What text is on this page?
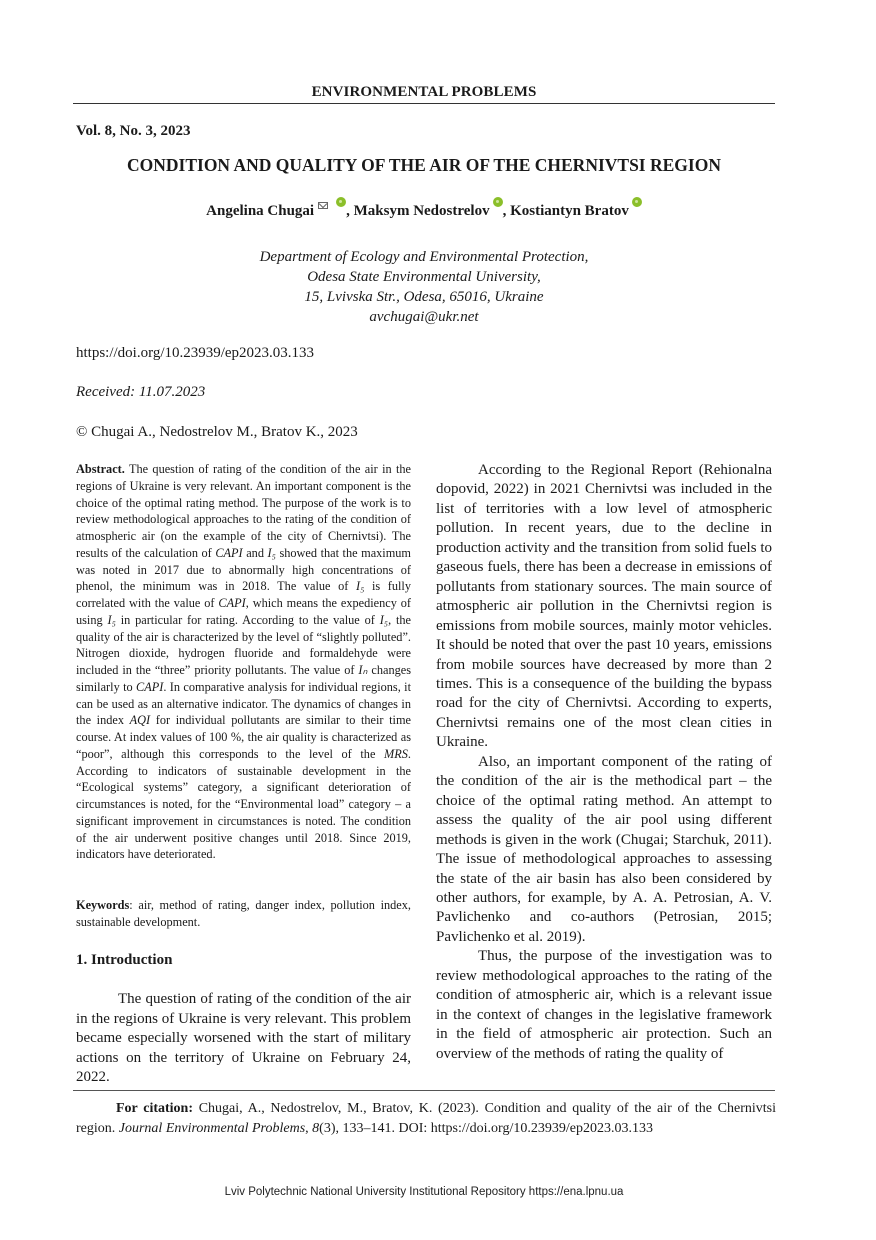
ENVIRONMENTAL PROBLEMS
Vol. 8, No. 3, 2023
CONDITION AND QUALITY OF THE AIR OF THE CHERNIVTSI REGION
Angelina Chugai , Maksym Nedostrelov , Kostiantyn Bratov
Department of Ecology and Environmental Protection,
Odesa State Environmental University,
15, Lvivska Str., Odesa, 65016, Ukraine
avchugai@ukr.net
https://doi.org/10.23939/ep2023.03.133
Received: 11.07.2023
© Chugai A., Nedostrelov M., Bratov K., 2023
Abstract. The question of rating of the condition of the air in the regions of Ukraine is very relevant. An important component is the choice of the optimal rating method. The purpose of the work is to review methodological approaches to the rating of the condition of atmospheric air (on the example of the city of Chernivtsi). The results of the calculation of CAPI and I₅ showed that the maximum was noted in 2017 due to abnormally high concentrations of phenol, the minimum was in 2018. The value of I₅ is fully correlated with the value of CAPI, which means the expediency of using I₅ in particular for rating. According to the value of I₅, the quality of the air is characterized by the level of “slightly polluted”. Nitrogen dioxide, hydrogen fluoride and formaldehyde were included in the “three” priority pollutants. The value of Iₙ changes similarly to CAPI. In comparative analysis for individual regions, it can be used as an alternative indicator. The dynamics of changes in the index AQI for individual pollutants are similar to their time course. At index values of 100 %, the air quality is characterized as “poor”, although this corresponds to the level of the MRS. According to indicators of sustainable development in the “Ecological systems” category, a significant deterioration of circumstances is noted, for the “Environmental load” category – a significant improvement in circumstances is noted. The condition of the air underwent positive changes until 2018. Since 2019, indicators have deteriorated.
Keywords: air, method of rating, danger index, pollution index, sustainable development.
1. Introduction

The question of rating of the condition of the air in the regions of Ukraine is very relevant. This problem became especially worsened with the start of military actions on the territory of Ukraine on February 24, 2022.

According to the Regional Report (Rehionalna dopovid, 2022) in 2021 Chernivtsi was included in the list of territories with a low level of atmospheric pollution. In recent years, due to the decline in production activity and the transition from solid fuels to gaseous fuels, there has been a decrease in emissions of pollutants from stationary sources. The main source of atmospheric air pollution in the Chernivtsi region is emissions from mobile sources, mainly motor vehicles. It should be noted that over the past 10 years, emissions from mobile sources have decreased by more than 2 times. This is a consequence of the building the bypass road for the city of Chernivtsi. According to experts, Chernivtsi remains one of the most clean cities in Ukraine.

Also, an important component of the rating of the condition of the air is the methodical part – the choice of the optimal rating method. An attempt to assess the quality of the air pool using different methods is given in the work (Chugai; Starchuk, 2011). The issue of methodological approaches to assessing the state of the air basin has also been considered by other authors, for example, by A. A. Petrosian, A. V. Pavlichenko and co-authors (Petrosian, 2015; Pavlichenko et al. 2019).

Thus, the purpose of the investigation was to review methodological approaches to the rating of the condition of atmospheric air, which is a relevant issue in the context of changes in the legislative framework in the field of atmospheric air protection. Such an overview of the methods of rating the quality of

For citation: Chugai, A., Nedostrelov, M., Bratov, K. (2023). Condition and quality of the air of the Chernivtsi region. Journal Environmental Problems, 8(3), 133–141. DOI: https://doi.org/10.23939/ep2023.03.133
Lviv Polytechnic National University Institutional Repository https://ena.lpnu.ua
